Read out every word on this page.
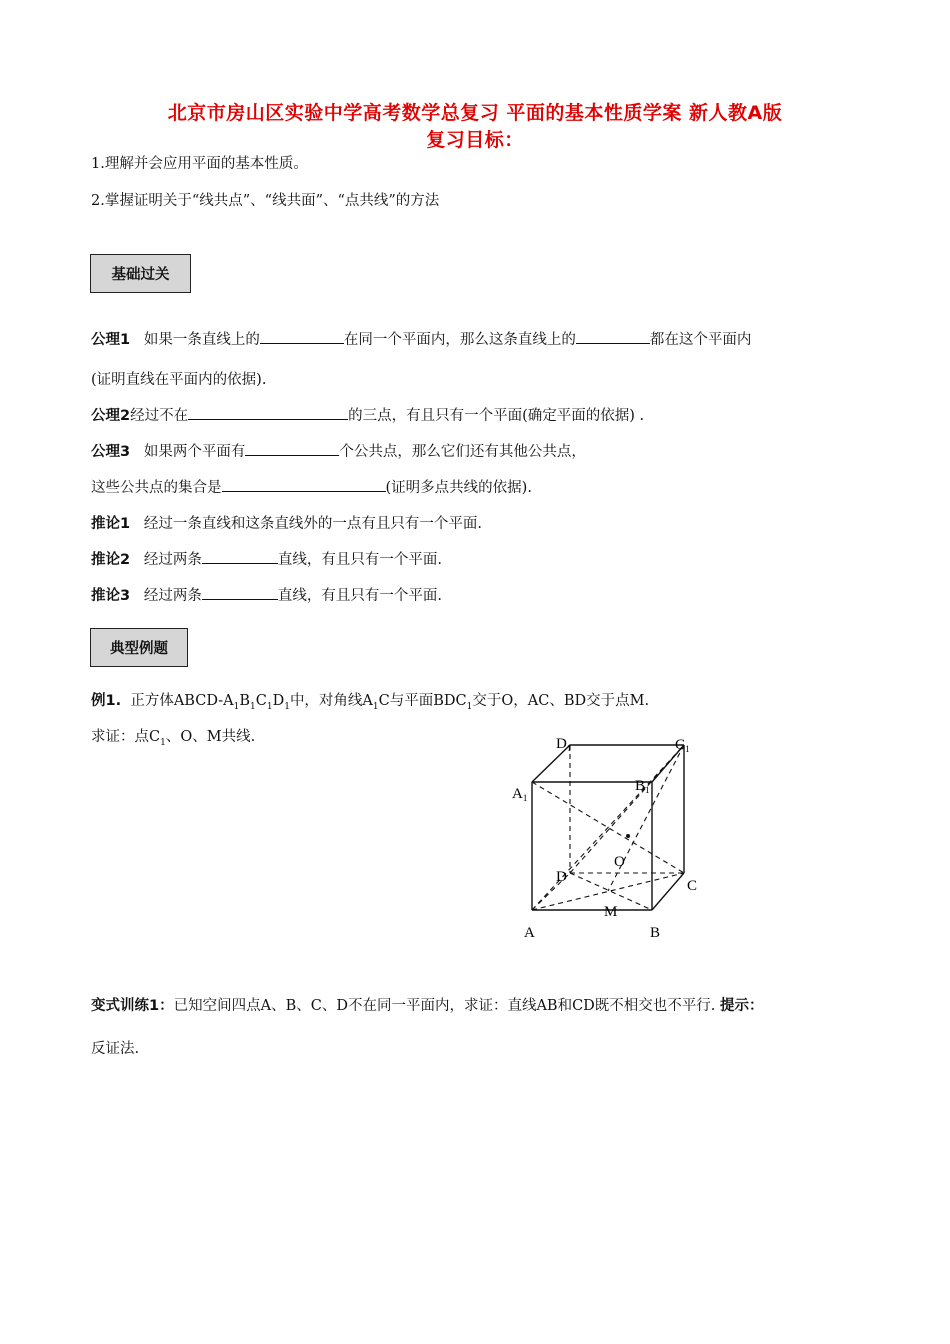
北京市房山区实验中学高考数学总复习 平面的基本性质学案 新人教A版
复习目标：
1.理解并会应用平面的基本性质。
2.掌握证明关于“线共点”、“线共面”、“点共线”的方法
基础过关
公理1 如果一条直线上的	在同一个平面内，那么这条直线上的	都在这个平面内
(证明直线在平面内的依据).
公理2经过不在	的三点，有且只有一个平面(确定平面的依据) .
公理3 如果两个平面有	个公共点，那么它们还有其他公共点，
这些公共点的集合是	(证明多点共线的依据).
推论1 经过一条直线和这条直线外的一点有且只有一个平面.
推论2 经过两条	直线，有且只有一个平面.
推论3 经过两条	直线，有且只有一个平面.
典型例题
例1. 正方体ABCD-$A_1B_1C_1D_1$中，对角线$A_1C$与平面$BDC_1$交于O，AC、BD交于点M.
求证：点$C_1$、O、M共线.	$D_1$	$C_1$
$A_1$
$B_1$
O
D
C
M
A	B
变式训练1：已知空间四点A、B、C、D不在同一平面内，求证：直线AB和CD既不相交也不平行. 提示：
反证法.
